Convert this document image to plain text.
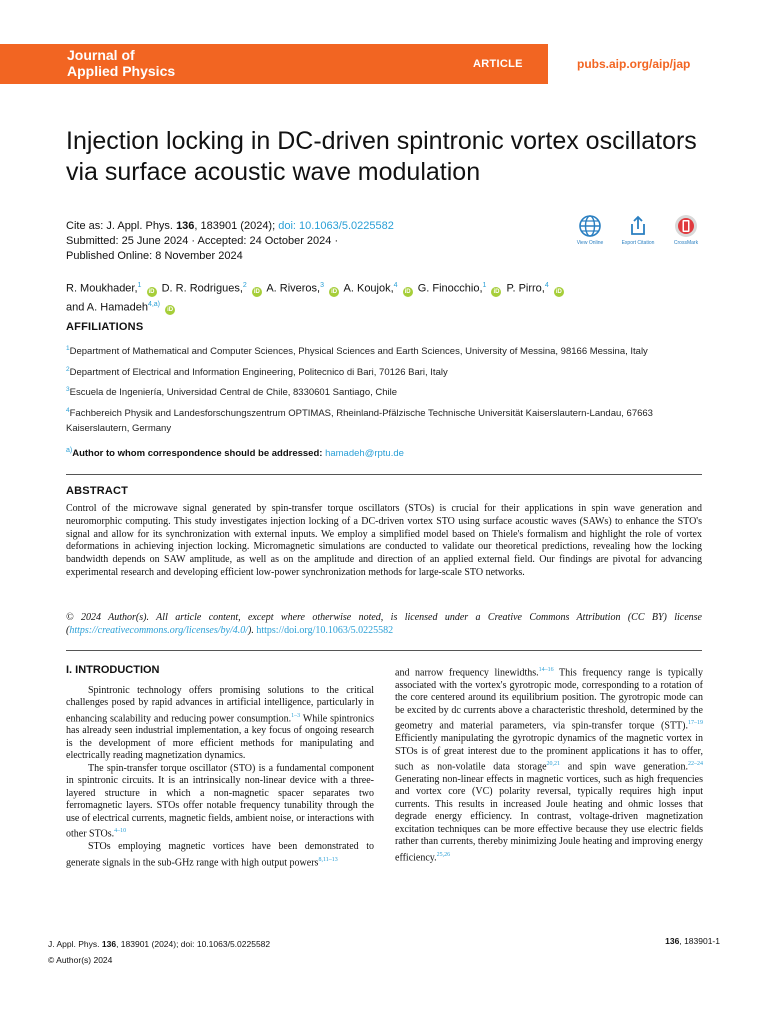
Journal of
Applied Physics	ARTICLE	pubs.aip.org/aip/jap
Injection locking in DC-driven spintronic vortex oscillators via surface acoustic wave modulation
Cite as: J. Appl. Phys. 136, 183901 (2024); doi: 10.1063/5.0225582
Submitted: 25 June 2024 · Accepted: 24 October 2024 ·
Published Online: 8 November 2024
View Online	Export Citation	CrossMark
R. Moukhader,$^1$ iD D. R. Rodrigues,$^2$ iD A. Riveros,$^3$ iD A. Koujok,$^4$ iD G. Finocchio,$^1$ iD P. Pirro,$^4$ iD
and A. Hamadeh$^{4,a)}$ iD
AFFILIATIONS

$^1$Department of Mathematical and Computer Sciences, Physical Sciences and Earth Sciences, University of Messina, 98166 Messina, Italy

$^2$Department of Electrical and Information Engineering, Politecnico di Bari, 70126 Bari, Italy

$^3$Escuela de Ingeniería, Universidad Central de Chile, 8330601 Santiago, Chile

$^4$Fachbereich Physik and Landesforschungszentrum OPTIMAS, Rheinland-Pfälzische Technische Universität Kaiserslautern-Landau, 67663 Kaiserslautern, Germany

$^{a)}$Author to whom correspondence should be addressed: hamadeh@rptu.de
ABSTRACT
Control of the microwave signal generated by spin-transfer torque oscillators (STOs) is crucial for their applications in spin wave generation and neuromorphic computing. This study investigates injection locking of a DC-driven vortex STO using surface acoustic waves (SAWs) to enhance the STO's signal and allow for its synchronization with external inputs. We employ a simplified model based on Thiele's formalism and highlight the role of vortex deformations in achieving injection locking. Micromagnetic simulations are conducted to validate our theoretical predictions, revealing how the locking bandwidth depends on SAW amplitude, as well as on the amplitude and direction of an applied external field. Our findings are pivotal for advancing experimental research and developing efficient low-power synchronization methods for large-scale STO networks.
© 2024 Author(s). All article content, except where otherwise noted, is licensed under a Creative Commons Attribution (CC BY) license (https://creativecommons.org/licenses/by/4.0/). https://doi.org/10.1063/5.0225582
I. INTRODUCTION

Spintronic technology offers promising solutions to the critical challenges posed by rapid advances in artificial intelligence, particularly in enhancing scalability and reducing power consumption.$^{1-3}$ While spintronics has already seen industrial implementation, a key focus of ongoing research is the development of more efficient methods for manipulating and electrically reading magnetization dynamics.

The spin-transfer torque oscillator (STO) is a fundamental component in spintronic circuits. It is an intrinsically non-linear device with a three-layered structure in which a non-magnetic spacer separates two ferromagnetic layers. STOs offer notable frequency tunability through the use of electrical currents, magnetic fields, ambient noise, or interactions with other STOs.$^{4-10}$

STOs employing magnetic vortices have been demonstrated to generate signals in the sub-GHz range with high output powers$^{8,11-13}$

and narrow frequency linewidths.$^{14-16}$ This frequency range is typically associated with the vortex's gyrotropic mode, corresponding to a rotation of the core centered around its equilibrium position. The gyrotropic mode can be excited by dc currents above a characteristic threshold, determined by the geometry and material parameters, via spin-transfer torque (STT).$^{17-19}$ Efficiently manipulating the gyrotropic dynamics of the magnetic vortex in STOs is of great interest due to the prominent applications it has to offer, such as non-volatile data storage$^{20,21}$ and spin wave generation.$^{22-24}$ Generating non-linear effects in magnetic vortices, such as high frequencies and vortex core (VC) polarity reversal, typically requires high input currents. This results in increased Joule heating and ohmic losses that degrade energy efficiency. In contrast, voltage-driven magnetization excitation techniques can be more effective because they use electric fields rather than currents, thereby minimizing Joule heating and improving energy efficiency.$^{25,26}$

J. Appl. Phys. 136, 183901 (2024); doi: 10.1063/5.0225582
© Author(s) 2024
136, 183901-1
